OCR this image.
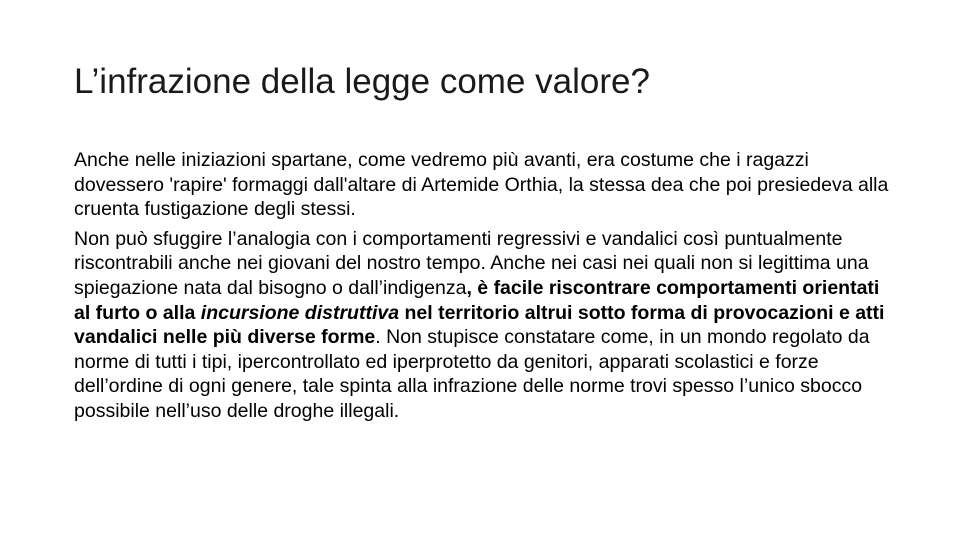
L’infrazione della legge come valore?

Anche nelle iniziazioni spartane, come vedremo più avanti, era costume che i ragazzi dovessero 'rapire' formaggi dall'altare di Artemide Orthia, la stessa dea che poi presiedeva alla cruenta fustigazione degli stessi.

Non può sfuggire l’analogia con i comportamenti regressivi e vandalici così puntualmente riscontrabili anche nei giovani del nostro tempo. Anche nei casi nei quali non si legittima una spiegazione nata dal bisogno o dall’indigenza, è facile riscontrare comportamenti orientati al furto o alla incursione distruttiva nel territorio altrui sotto forma di provocazioni e atti vandalici nelle più diverse forme. Non stupisce constatare come, in un mondo regolato da norme di tutti i tipi, ipercontrollato ed iperprotetto da genitori, apparati scolastici e forze dell’ordine di ogni genere, tale spinta alla infrazione delle norme trovi spesso l’unico sbocco possibile nell’uso delle droghe illegali.
